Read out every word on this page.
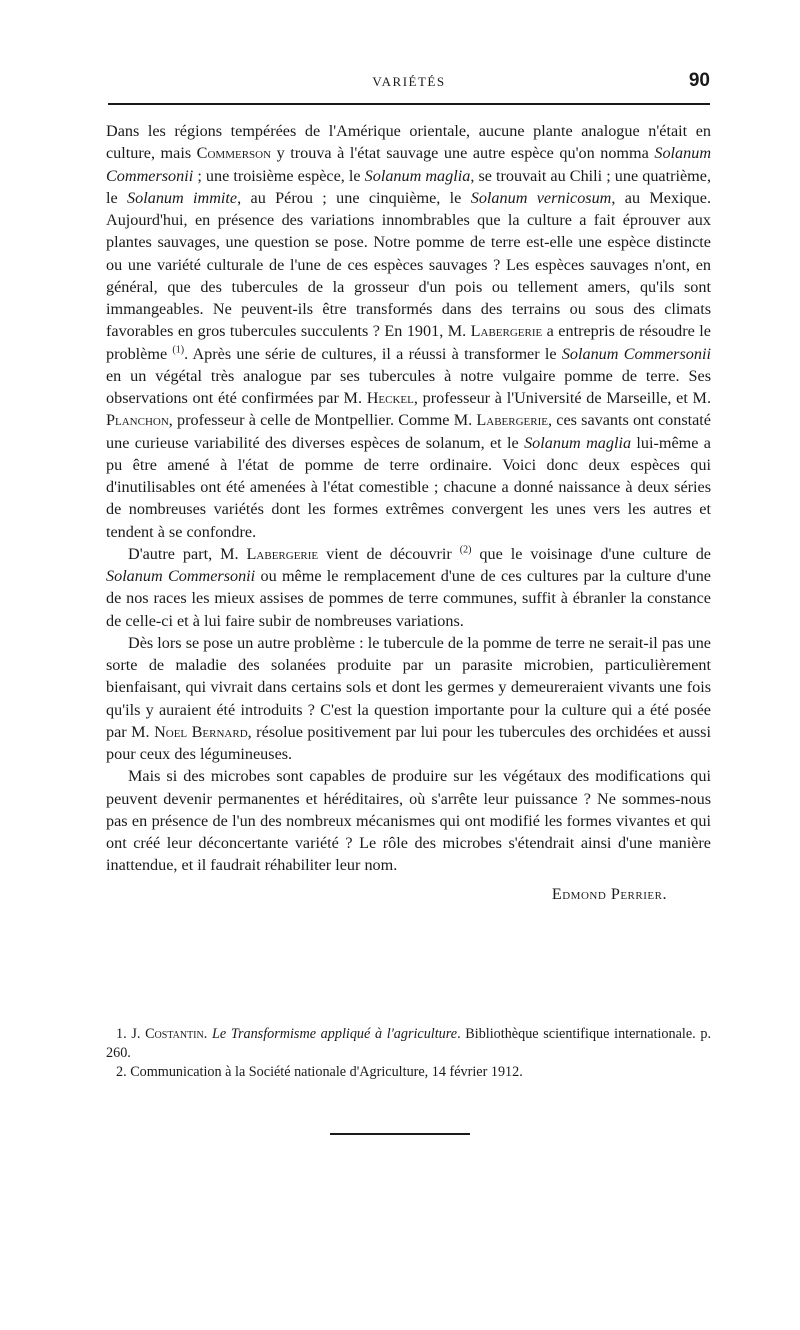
VARIÉTÉS	90

Dans les régions tempérées de l'Amérique orientale, aucune plante analogue n'était en culture, mais Commerson y trouva à l'état sauvage une autre espèce qu'on nomma Solanum Commersonii ; une troisième espèce, le Solanum maglia, se trouvait au Chili ; une quatrième, le Solanum immite, au Pérou ; une cinquième, le Solanum vernicosum, au Mexique. Aujourd'hui, en présence des variations innombrables que la culture a fait éprouver aux plantes sauvages, une question se pose. Notre pomme de terre est-elle une espèce distincte ou une variété culturale de l'une de ces espèces sauvages ? Les espèces sauvages n'ont, en général, que des tubercules de la grosseur d'un pois ou tellement amers, qu'ils sont immangeables. Ne peuvent-ils être transformés dans des terrains ou sous des climats favorables en gros tubercules succulents ? En 1901, M. Labergerie a entrepris de résoudre le problème $^{(1)}$. Après une série de cultures, il a réussi à transformer le Solanum Commersonii en un végétal très analogue par ses tubercules à notre vulgaire pomme de terre. Ses observations ont été confirmées par M. Heckel, professeur à l'Université de Marseille, et M. Planchon, professeur à celle de Montpellier. Comme M. Labergerie, ces savants ont constaté une curieuse variabilité des diverses espèces de solanum, et le Solanum maglia lui-même a pu être amené à l'état de pomme de terre ordinaire. Voici donc deux espèces qui d'inutilisables ont été amenées à l'état comestible ; chacune a donné naissance à deux séries de nombreuses variétés dont les formes extrêmes convergent les unes vers les autres et tendent à se confondre.

D'autre part, M. Labergerie vient de découvrir $^{(2)}$ que le voisinage d'une culture de Solanum Commersonii ou même le remplacement d'une de ces cultures par la culture d'une de nos races les mieux assises de pommes de terre communes, suffit à ébranler la constance de celle-ci et à lui faire subir de nombreuses variations.

Dès lors se pose un autre problème : le tubercule de la pomme de terre ne serait-il pas une sorte de maladie des solanées produite par un parasite microbien, particulièrement bienfaisant, qui vivrait dans certains sols et dont les germes y demeureraient vivants une fois qu'ils y auraient été introduits ? C'est la question importante pour la culture qui a été posée par M. Noel Bernard, résolue positivement par lui pour les tubercules des orchidées et aussi pour ceux des légumineuses.

Mais si des microbes sont capables de produire sur les végétaux des modifications qui peuvent devenir permanentes et héréditaires, où s'arrête leur puissance ? Ne sommes-nous pas en présence de l'un des nombreux mécanismes qui ont modifié les formes vivantes et qui ont créé leur déconcertante variété ? Le rôle des microbes s'étendrait ainsi d'une manière inattendue, et il faudrait réhabiliter leur nom.

Edmond Perrier.

1. J. Costantin. Le Transformisme appliqué à l'agriculture. Bibliothèque scientifique internationale. p. 260.

2. Communication à la Société nationale d'Agriculture, 14 février 1912.
